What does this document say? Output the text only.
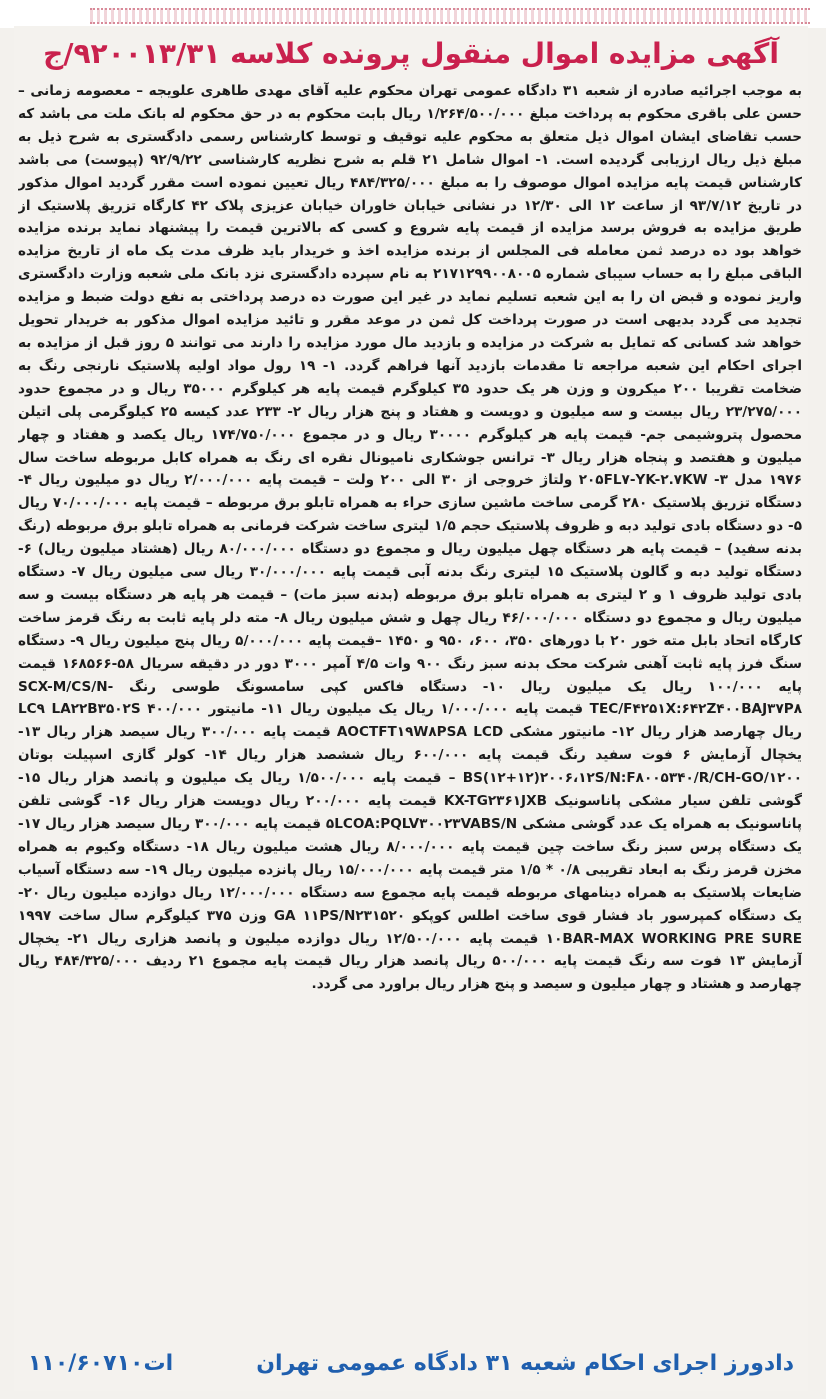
آگهی مزایده اموال منقول پرونده کلاسه ۹۲۰۰۱۳/۳۱/ج
به موجب اجرائیه صادره از شعبه ۳۱ دادگاه عمومی تهران محکوم علیه آقای مهدی طاهری علویجه – معصومه زمانی – حسن علی باقری محکوم به پرداخت مبلغ ۱/۲۶۴/۵۰۰/۰۰۰ ریال بابت محکوم به در حق محکوم له بانک ملت می باشد که حسب تقاضای ایشان اموال ذیل متعلق به محکوم علیه توقیف و توسط کارشناس رسمی دادگستری به شرح ذیل به مبلغ ذیل ریال ارزیابی گردیده است. ۱- اموال شامل ۲۱ قلم به شرح نظریه کارشناسی ۹۲/۹/۲۲ (پیوست) می باشد کارشناس قیمت پایه مزایده اموال موصوف را به مبلغ ۴۸۴/۳۲۵/۰۰۰ ریال تعیین نموده است مقرر گردید اموال مذکور در تاریخ ۹۳/۷/۱۲ از ساعت ۱۲ الی ۱۲/۳۰ در نشانی خیابان خاوران خیابان عزیزی پلاک ۴۲ کارگاه تزریق پلاستیک از طریق مزایده به فروش برسد مزایده از قیمت پایه شروع و کسی که بالاترین قیمت را پیشنهاد نماید برنده مزایده خواهد بود ده درصد ثمن معامله فی المجلس از برنده مزایده اخذ و خریدار باید ظرف مدت یک ماه از تاریخ مزایده الباقی مبلغ را به حساب سیبای شماره ۲۱۷۱۲۹۹۰۰۸۰۰۵ به نام سپرده دادگستری نزد بانک ملی شعبه وزارت دادگستری واریز نموده و قبض ان را به این شعبه تسلیم نماید در غیر این صورت ده درصد پرداختی به نفع دولت ضبط و مزایده تجدید می گردد بدیهی است در صورت پرداخت کل ثمن در موعد مقرر و تائید مزایده اموال مذکور به خریدار تحویل خواهد شد کسانی که تمایل به شرکت در مزایده و بازدید مال مورد مزایده را دارند می توانند ۵ روز قبل از مزایده به اجرای احکام این شعبه مراجعه تا مقدمات بازدید آنها فراهم گردد. ۱- ۱۹ رول مواد اولیه پلاستیک نارنجی رنگ به ضخامت تقریبا ۲۰۰ میکرون و وزن هر یک حدود ۳۵ کیلوگرم قیمت پایه هر کیلوگرم ۳۵۰۰۰ ریال و در مجموع حدود ۲۳/۲۷۵/۰۰۰ ریال بیست و سه میلیون و دویست و هفتاد و پنج هزار ریال ۲- ۲۳۳ عدد کیسه ۲۵ کیلوگرمی پلی اتیلن محصول پتروشیمی جم- قیمت پایه هر کیلوگرم ۳۰۰۰۰ ریال و در مجموع ۱۷۴/۷۵۰/۰۰۰ ریال یکصد و هفتاد و چهار میلیون و هفتصد و پنجاه هزار ریال ۳- ترانس جوشکاری نامیونال نقره ای رنگ به همراه کابل مربوطه ساخت سال ۱۹۷۶ مدل ۳- ۲۰۵FL۷-YK-۲.۷KW ولتاژ خروجی از ۳۰ الی ۲۰۰ ولت – قیمت پایه ۲/۰۰۰/۰۰۰ ریال دو میلیون ریال ۴- دستگاه تزریق پلاستیک ۲۸۰ گرمی ساخت ماشین سازی حراء به همراه تابلو برق مربوطه – قیمت پایه ۷۰/۰۰۰/۰۰۰ ریال ۵- دو دستگاه بادی تولید دبه و ظروف پلاستیک حجم ۱/۵ لیتری ساخت شرکت فرمانی به همراه تابلو برق مربوطه (رنگ بدنه سفید) – قیمت پایه هر دستگاه چهل میلیون ریال و مجموع دو دستگاه ۸۰/۰۰۰/۰۰۰ ریال (هشتاد میلیون ریال) ۶- دستگاه تولید دبه و گالون پلاستیک ۱۵ لیتری رنگ بدنه آبی قیمت پایه ۳۰/۰۰۰/۰۰۰ ریال سی میلیون ریال ۷- دستگاه بادی تولید ظروف ۱ و ۲ لیتری به همراه تابلو برق مربوطه (بدنه سبز مات) – قیمت هر پایه هر دستگاه بیست و سه میلیون ریال و مجموع دو دستگاه ۴۶/۰۰۰/۰۰۰ ریال چهل و شش میلیون ریال ۸- مته دلر پایه ثابت به رنگ قرمز ساخت کارگاه اتحاد بابل مته خور ۲۰ با دورهای ۳۵۰، ۶۰۰، ۹۵۰ و ۱۴۵۰ –قیمت پایه ۵/۰۰۰/۰۰۰ ریال پنج میلیون ریال ۹- دستگاه سنگ فرز پایه ثابت آهنی شرکت محک بدنه سبز رنگ ۹۰۰ وات ۴/۵ آمپر ۳۰۰۰ دور در دقیقه سریال ۵۸-۱۶۸۵۶۶ قیمت پایه ۱۰۰/۰۰۰ ریال یک میلیون ریال ۱۰- دستگاه فاکس کپی سامسونگ طوسی رنگ SCX-M/CS/N-TEC/F۴۲۵۱X:۶۴۲Z۴۰۰BAJ۳۷P۸ قیمت پایه ۱/۰۰۰/۰۰۰ ریال یک میلیون ریال ۱۱- مانیتور LC۹ LA۲۲B۳۵۰۲S ۴۰۰/۰۰۰ ریال چهارصد هزار ریال ۱۲- مانیتور مشکی AOCTFT۱۹W۸PSA LCD قیمت پایه ۳۰۰/۰۰۰ ریال سیصد هزار ریال ۱۳- یخچال آزمایش ۶ فوت سفید رنگ قیمت پایه ۶۰۰/۰۰۰ ریال ششصد هزار ریال ۱۴- کولر گازی اسپیلت بوتان BS(۱۲+۱۲)۲۰۰۶،۱۲S/N:F۸۰۰۵۳۴۰/R/CH-GO/۱۲۰۰ – قیمت پایه ۱/۵۰۰/۰۰۰ ریال یک میلیون و پانصد هزار ریال ۱۵- گوشی تلفن سیار مشکی پاناسونیک KX-TG۲۳۶۱JXB قیمت پایه ۲۰۰/۰۰۰ ریال دویست هزار ریال ۱۶- گوشی تلفن پاناسونیک به همراه یک عدد گوشی مشکی ۵LCOA:PQLV۳۰۰۲۳VABS/N قیمت پایه ۳۰۰/۰۰۰ ریال سیصد هزار ریال ۱۷- یک دستگاه پرس سبز رنگ ساخت چین قیمت پایه ۸/۰۰۰/۰۰۰ ریال هشت میلیون ریال ۱۸- دستگاه وکیوم به همراه مخزن قرمز رنگ به ابعاد تقریبی ۰/۸ * ۱/۵ متر قیمت پایه ۱۵/۰۰۰/۰۰۰ ریال پانزده میلیون ریال ۱۹- سه دستگاه آسیاب ضایعات پلاستیک به همراه دینامهای مربوطه قیمت پایه مجموع سه دستگاه ۱۲/۰۰۰/۰۰۰ ریال دوازده میلیون ریال ۲۰- یک دستگاه کمپرسور باد فشار قوی ساخت اطلس کوپکو GA ۱۱PS/N۲۳۱۵۲۰ وزن ۳۷۵ کیلوگرم سال ساخت ۱۹۹۷ ۱۰BAR-MAX WORKING PRE SURE قیمت پایه ۱۲/۵۰۰/۰۰۰ ریال دوازده میلیون و پانصد هزاری ریال ۲۱- یخچال آزمایش ۱۳ فوت سه رنگ قیمت پایه ۵۰۰/۰۰۰ ریال پانصد هزار ریال قیمت پایه مجموع ۲۱ ردیف ۴۸۴/۳۲۵/۰۰۰ ریال چهارصد و هشتاد و چهار میلیون و سیصد و پنج هزار ریال براورد می گردد.
دادورز اجرای احکام شعبه ۳۱ دادگاه عمومی تهران
۱۱۰/۶۰۷۱۰ات
